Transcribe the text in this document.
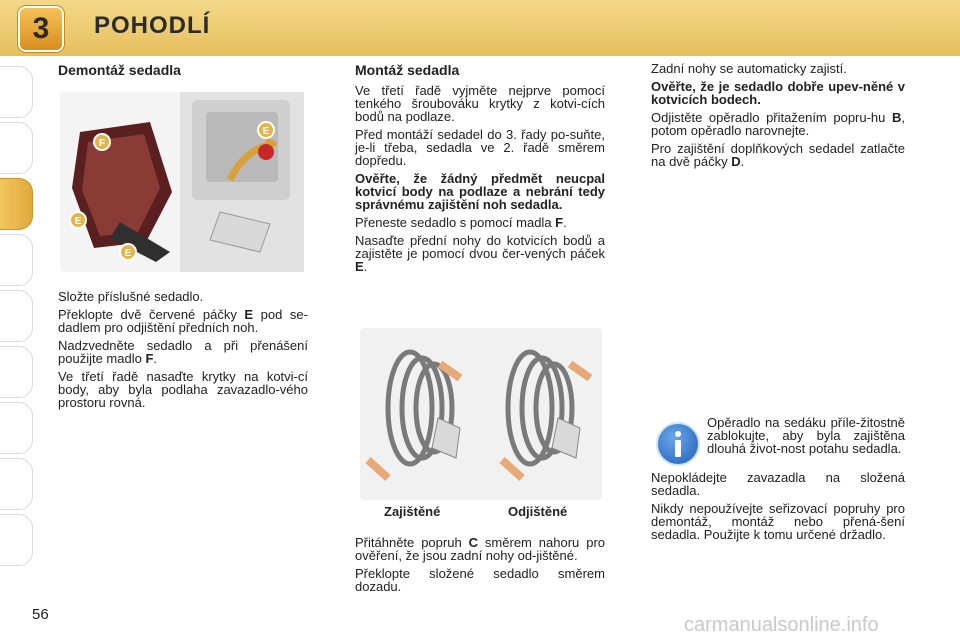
3	POHODLÍ
Demontáž sedadla
F
E
E
E

Složte příslušné sedadlo.

Překlopte dvě červené páčky E pod se-dadlem pro odjištění předních noh.

Nadzvedněte sedadlo a při přenášení použijte madlo F.

Ve třetí řadě nasaďte krytky na kotvi-cí body, aby byla podlaha zavazadlo-vého prostoru rovná.

Montáž sedadla

Ve třetí řadě vyjměte nejprve pomocí tenkého šroubováku krytky z kotvi-cích bodů na podlaze.

Před montáží sedadel do 3. řady po-suňte, je-li třeba, sedadla ve 2. řadě směrem dopředu.

Ověřte, že žádný předmět neucpal kotvicí body na podlaze a nebrání tedy správnému zajištění noh sedadla.

Přeneste sedadlo s pomocí madla F.

Nasaďte přední nohy do kotvicích bodů a zajistěte je pomocí dvou čer-vených páček E.

Zajištěné	Odjištěné

Přitáhněte popruh C směrem nahoru pro ověření, že jsou zadní nohy od-jištěné.

Překlopte složené sedadlo směrem dozadu.

Zadní nohy se automaticky zajistí.

Ověřte, že je sedadlo dobře upev-něné v kotvicích bodech.

Odjistěte opěradlo přitažením popru-hu B, potom opěradlo narovnejte.

Pro zajištění doplňkových sedadel zatlačte na dvě páčky D.

Opěradlo na sedáku příle-žitostně zablokujte, aby byla zajištěna dlouhá život-nost potahu sedadla.

Nepokládejte zavazadla na složená sedadla.

Nikdy nepoužívejte seřizovací popruhy pro demontáž, montáž nebo přená-šení sedadla. Použijte k tomu určené držadlo.

56	carmanualsonline.info
